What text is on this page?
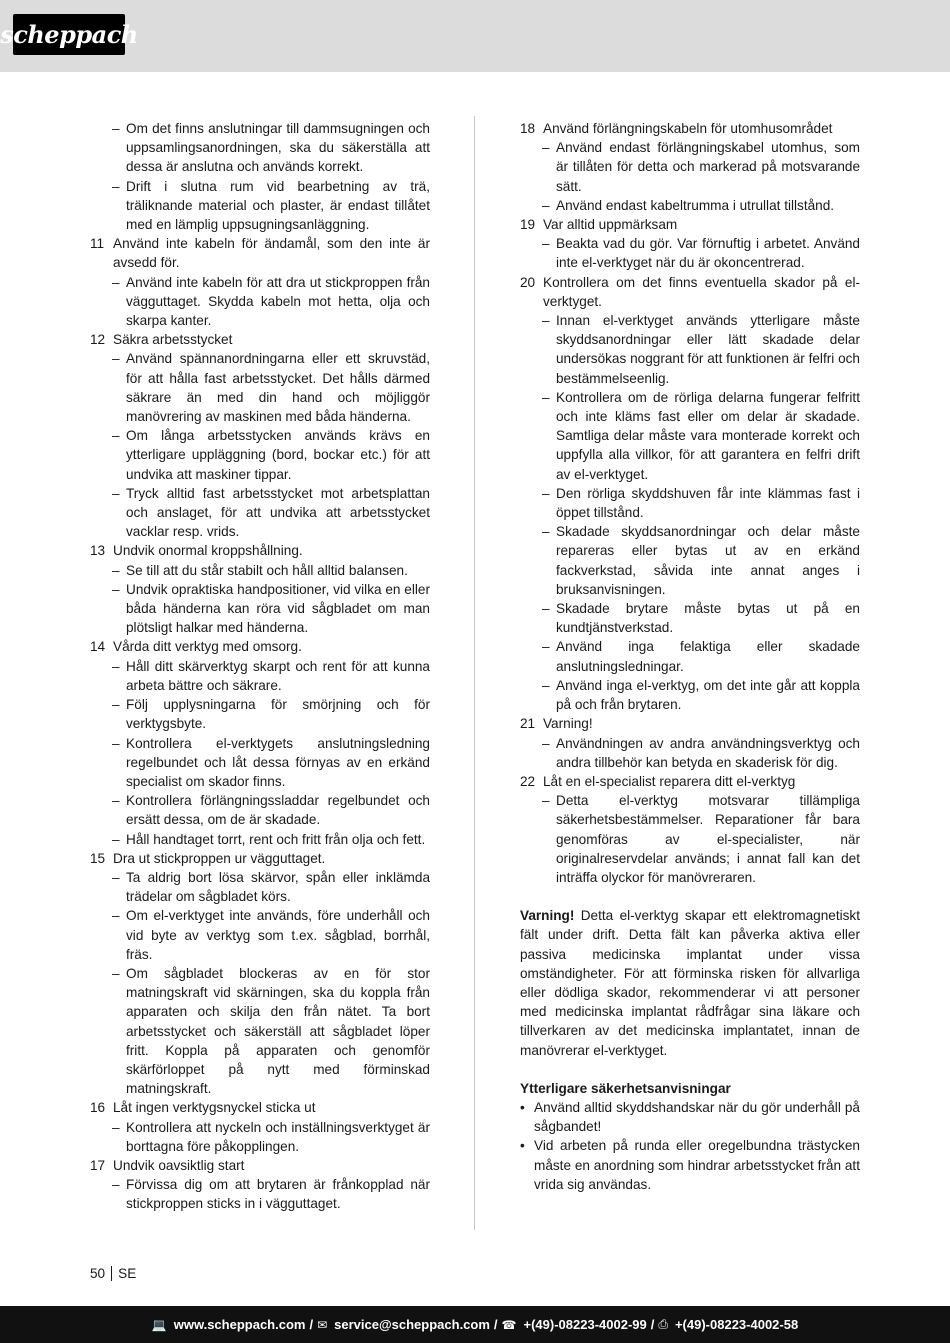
scheppach
– Om det finns anslutningar till dammsugningen och uppsamlingsanordningen, ska du säkerställa att dessa är anslutna och används korrekt.
– Drift i slutna rum vid bearbetning av trä, träliknande material och plaster, är endast tillåtet med en lämplig uppsugningsanläggning.
11 Använd inte kabeln för ändamål, som den inte är avsedd för.
– Använd inte kabeln för att dra ut stickproppen från vägguttaget. Skydda kabeln mot hetta, olja och skarpa kanter.
12 Säkra arbetsstycket
– Använd spännanordningarna eller ett skruvstäd, för att hålla fast arbetsstycket. Det hålls därmed säkrare än med din hand och möjliggör manövrering av maskinen med båda händerna.
– Om långa arbetsstycken används krävs en ytterligare uppläggning (bord, bockar etc.) för att undvika att maskiner tippar.
– Tryck alltid fast arbetsstycket mot arbetsplattan och anslaget, för att undvika att arbetsstycket vacklar resp. vrids.
13 Undvik onormal kroppshållning.
– Se till att du står stabilt och håll alltid balansen.
– Undvik opraktiska handpositioner, vid vilka en eller båda händerna kan röra vid sågbladet om man plötsligt halkar med händerna.
14 Vårda ditt verktyg med omsorg.
– Håll ditt skärverktyg skarpt och rent för att kunna arbeta bättre och säkrare.
– Följ upplysningarna för smörjning och för verktygsbyte.
– Kontrollera el-verktygets anslutningsledning regelbundet och låt dessa förnyas av en erkänd specialist om skador finns.
– Kontrollera förlängningssladdar regelbundet och ersätt dessa, om de är skadade.
– Håll handtaget torrt, rent och fritt från olja och fett.
15 Dra ut stickproppen ur vägguttaget.
– Ta aldrig bort lösa skärvor, spån eller inklämda trädelar om sågbladet körs.
– Om el-verktyget inte används, före underhåll och vid byte av verktyg som t.ex. sågblad, borrhål, fräs.
– Om sågbladet blockeras av en för stor matningskraft vid skärningen, ska du koppla från apparaten och skilja den från nätet. Ta bort arbetsstycket och säkerställ att sågbladet löper fritt. Koppla på apparaten och genomför skärförloppet på nytt med förminskad matningskraft.
16 Låt ingen verktygsnyckel sticka ut
– Kontrollera att nyckeln och inställningsverktyget är borttagna före påkopplingen.
17 Undvik oavsiktlig start
– Förvissa dig om att brytaren är frånkopplad när stickproppen sticks in i vägguttaget.
18 Använd förlängningskabeln för utomhusområdet
– Använd endast förlängningskabel utomhus, som är tillåten för detta och markerad på motsvarande sätt.
– Använd endast kabeltrumma i utrullat tillstånd.
19 Var alltid uppmärksam
– Beakta vad du gör. Var förnuftig i arbetet. Använd inte el-verktyget när du är okoncentrerad.
20 Kontrollera om det finns eventuella skador på el-verktyget.
– Innan el-verktyget används ytterligare måste skyddsanordningar eller lätt skadade delar undersökas noggrant för att funktionen är felfri och bestämmelseenlig.
– Kontrollera om de rörliga delarna fungerar felfritt och inte kläms fast eller om delar är skadade. Samtliga delar måste vara monterade korrekt och uppfylla alla villkor, för att garantera en felfri drift av el-verktyget.
– Den rörliga skyddshuven får inte klämmas fast i öppet tillstånd.
– Skadade skyddsanordningar och delar måste repareras eller bytas ut av en erkänd fackverkstad, såvida inte annat anges i bruksanvisningen.
– Skadade brytare måste bytas ut på en kundtjänstverkstad.
– Använd inga felaktiga eller skadade anslutningsledningar.
– Använd inga el-verktyg, om det inte går att koppla på och från brytaren.
21 Varning!
– Användningen av andra användningsverktyg och andra tillbehör kan betyda en skaderisk för dig.
22 Låt en el-specialist reparera ditt el-verktyg
– Detta el-verktyg motsvarar tillämpliga säkerhetsbestämmelser. Reparationer får bara genomföras av el-specialister, när originalreservdelar används; i annat fall kan det inträffa olyckor för manövreraren.
Varning! Detta el-verktyg skapar ett elektromagnetiskt fält under drift. Detta fält kan påverka aktiva eller passiva medicinska implantat under vissa omständigheter. För att förminska risken för allvarliga eller dödliga skador, rekommenderar vi att personer med medicinska implantat rådfrågar sina läkare och tillverkaren av det medicinska implantatet, innan de manövrerar el-verktyget.
Ytterligare säkerhetsanvisningar
• Använd alltid skyddshandskar när du gör underhåll på sågbandet!
• Vid arbeten på runda eller oregelbundna trästycken måste en anordning som hindrar arbetsstycket från att vrida sig användas.
50 SE
💻 www.scheppach.com / ✉ service@scheppach.com / ☎ +(49)-08223-4002-99 / ⎙ +(49)-08223-4002-58
